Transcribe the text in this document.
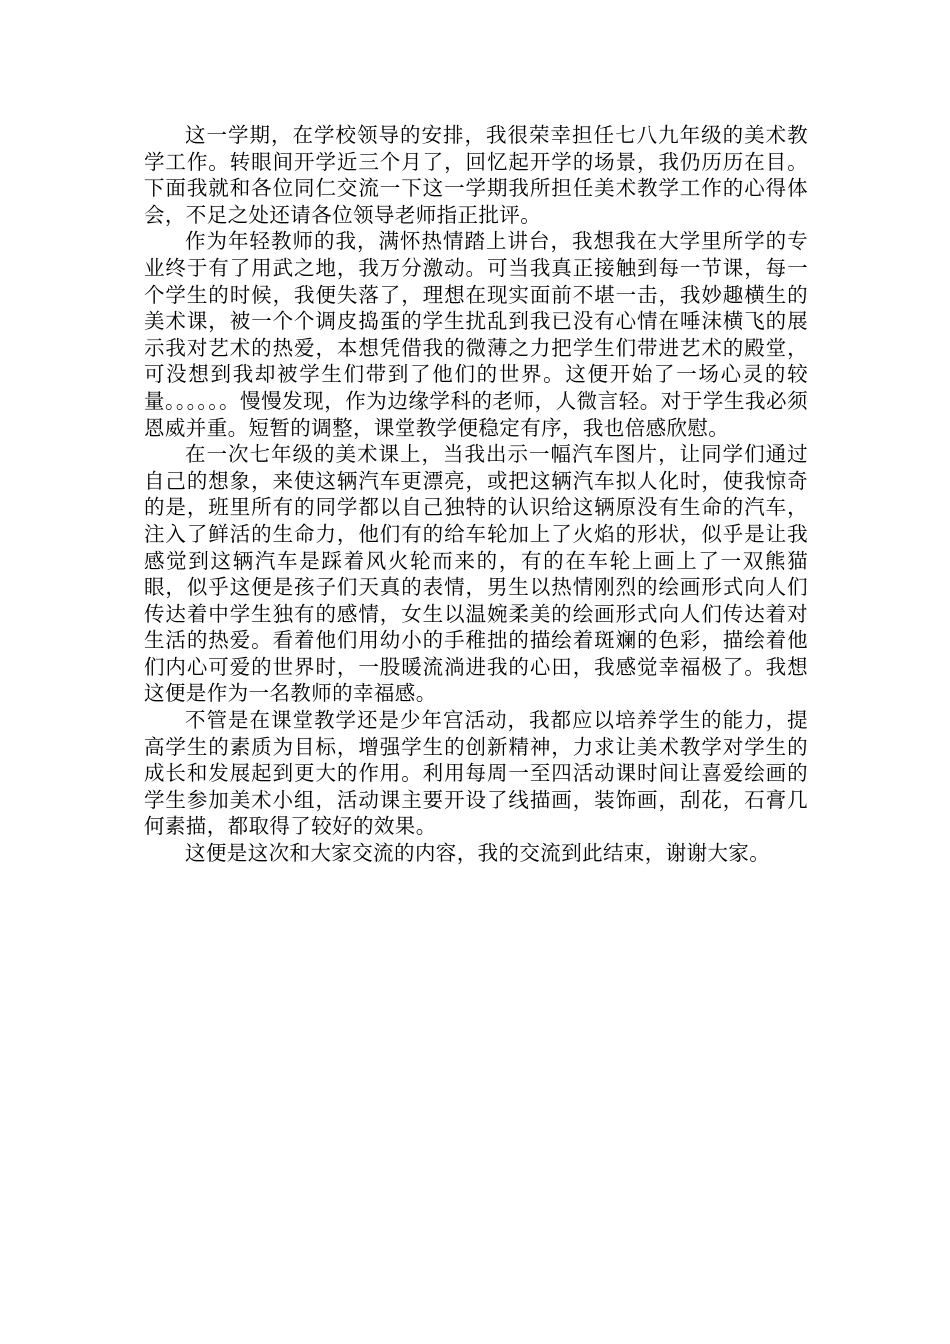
这一学期，在学校领导的安排，我很荣幸担任七八九年级的美术教学工作。转眼间开学近三个月了，回忆起开学的场景，我仍历历在目。下面我就和各位同仁交流一下这一学期我所担任美术教学工作的心得体会，不足之处还请各位领导老师指正批评。

作为年轻教师的我，满怀热情踏上讲台，我想我在大学里所学的专业终于有了用武之地，我万分激动。可当我真正接触到每一节课，每一个学生的时候，我便失落了，理想在现实面前不堪一击，我妙趣横生的美术课，被一个个调皮捣蛋的学生扰乱到我已没有心情在唾沫横飞的展示我对艺术的热爱，本想凭借我的微薄之力把学生们带进艺术的殿堂，可没想到我却被学生们带到了他们的世界。这便开始了一场心灵的较量。。。。。。慢慢发现，作为边缘学科的老师，人微言轻。对于学生我必须恩威并重。短暂的调整，课堂教学便稳定有序，我也倍感欣慰。

在一次七年级的美术课上，当我出示一幅汽车图片，让同学们通过自己的想象，来使这辆汽车更漂亮，或把这辆汽车拟人化时，使我惊奇的是，班里所有的同学都以自己独特的认识给这辆原没有生命的汽车，注入了鲜活的生命力，他们有的给车轮加上了火焰的形状，似乎是让我感觉到这辆汽车是踩着风火轮而来的，有的在车轮上画上了一双熊猫眼，似乎这便是孩子们天真的表情，男生以热情刚烈的绘画形式向人们传达着中学生独有的感情，女生以温婉柔美的绘画形式向人们传达着对生活的热爱。看着他们用幼小的手稚拙的描绘着斑斓的色彩，描绘着他们内心可爱的世界时，一股暖流淌进我的心田，我感觉幸福极了。我想这便是作为一名教师的幸福感。

不管是在课堂教学还是少年宫活动，我都应以培养学生的能力，提高学生的素质为目标，增强学生的创新精神，力求让美术教学对学生的成长和发展起到更大的作用。利用每周一至四活动课时间让喜爱绘画的学生参加美术小组，活动课主要开设了线描画，装饰画，刮花，石膏几何素描，都取得了较好的效果。

这便是这次和大家交流的内容，我的交流到此结束，谢谢大家。
